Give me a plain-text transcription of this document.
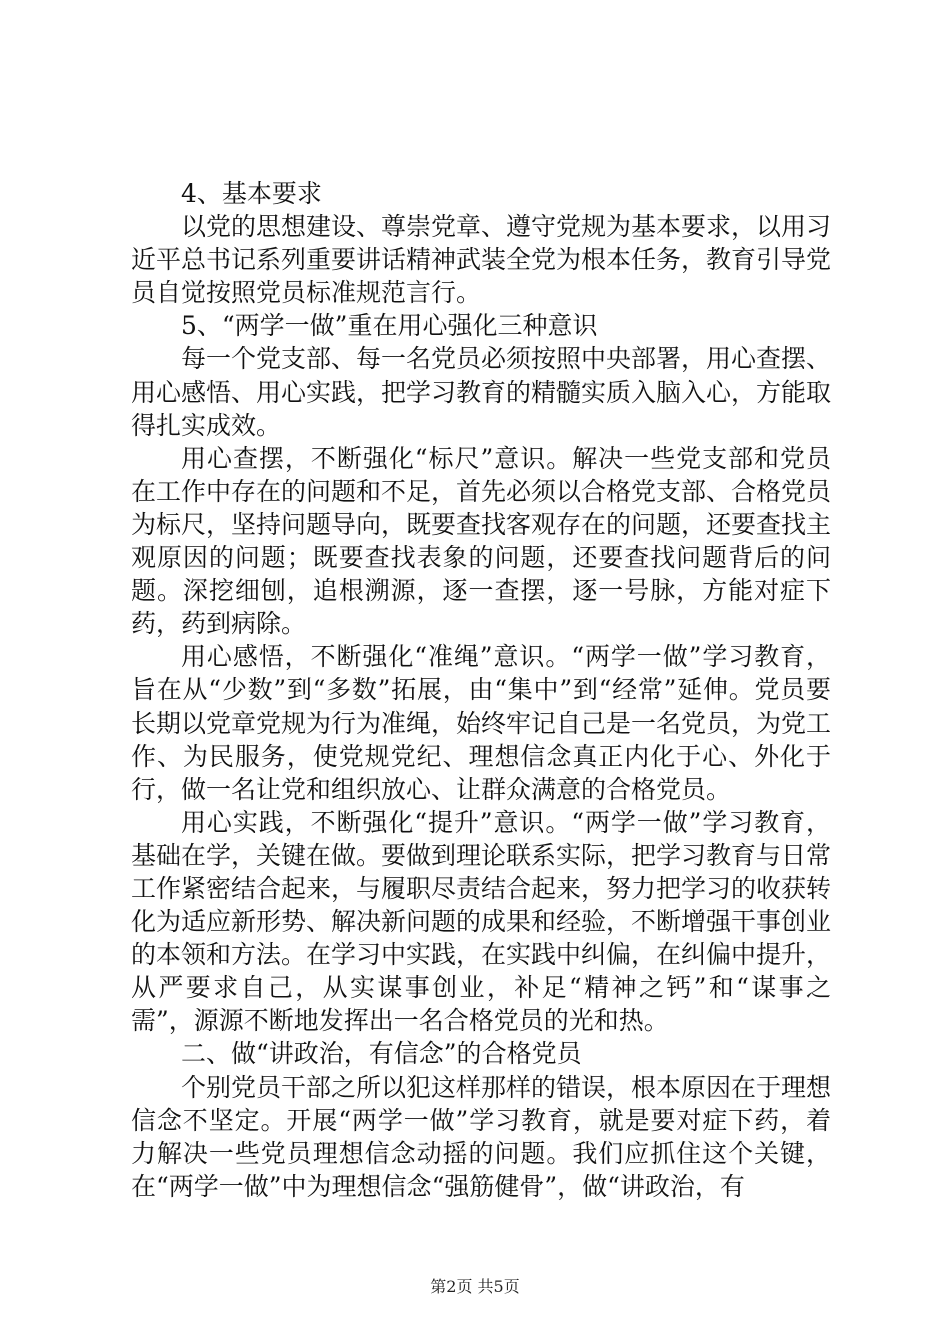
4、基本要求

以党的思想建设、尊崇党章、遵守党规为基本要求，以用习近平总书记系列重要讲话精神武装全党为根本任务，教育引导党员自觉按照党员标准规范言行。

5、“两学一做”重在用心强化三种意识

每一个党支部、每一名党员必须按照中央部署，用心查摆、用心感悟、用心实践，把学习教育的精髓实质入脑入心，方能取得扎实成效。

用心查摆，不断强化“标尺”意识。解决一些党支部和党员在工作中存在的问题和不足，首先必须以合格党支部、合格党员为标尺，坚持问题导向，既要查找客观存在的问题，还要查找主观原因的问题；既要查找表象的问题，还要查找问题背后的问题。深挖细刨，追根溯源，逐一查摆，逐一号脉，方能对症下药，药到病除。

用心感悟，不断强化“准绳”意识。“两学一做”学习教育，旨在从“少数”到“多数”拓展，由“集中”到“经常”延伸。党员要长期以党章党规为行为准绳，始终牢记自己是一名党员，为党工作、为民服务，使党规党纪、理想信念真正内化于心、外化于行，做一名让党和组织放心、让群众满意的合格党员。

用心实践，不断强化“提升”意识。“两学一做”学习教育，基础在学，关键在做。要做到理论联系实际，把学习教育与日常工作紧密结合起来，与履职尽责结合起来，努力把学习的收获转化为适应新形势、解决新问题的成果和经验，不断增强干事创业的本领和方法。在学习中实践，在实践中纠偏，在纠偏中提升，从严要求自己，从实谋事创业，补足“精神之钙”和“谋事之需”，源源不断地发挥出一名合格党员的光和热。

二、做“讲政治，有信念”的合格党员

个别党员干部之所以犯这样那样的错误，根本原因在于理想信念不坚定。开展“两学一做”学习教育，就是要对症下药，着力解决一些党员理想信念动摇的问题。我们应抓住这个关键，在“两学一做”中为理想信念“强筋健骨”，做“讲政治，有

第2页 共5页
